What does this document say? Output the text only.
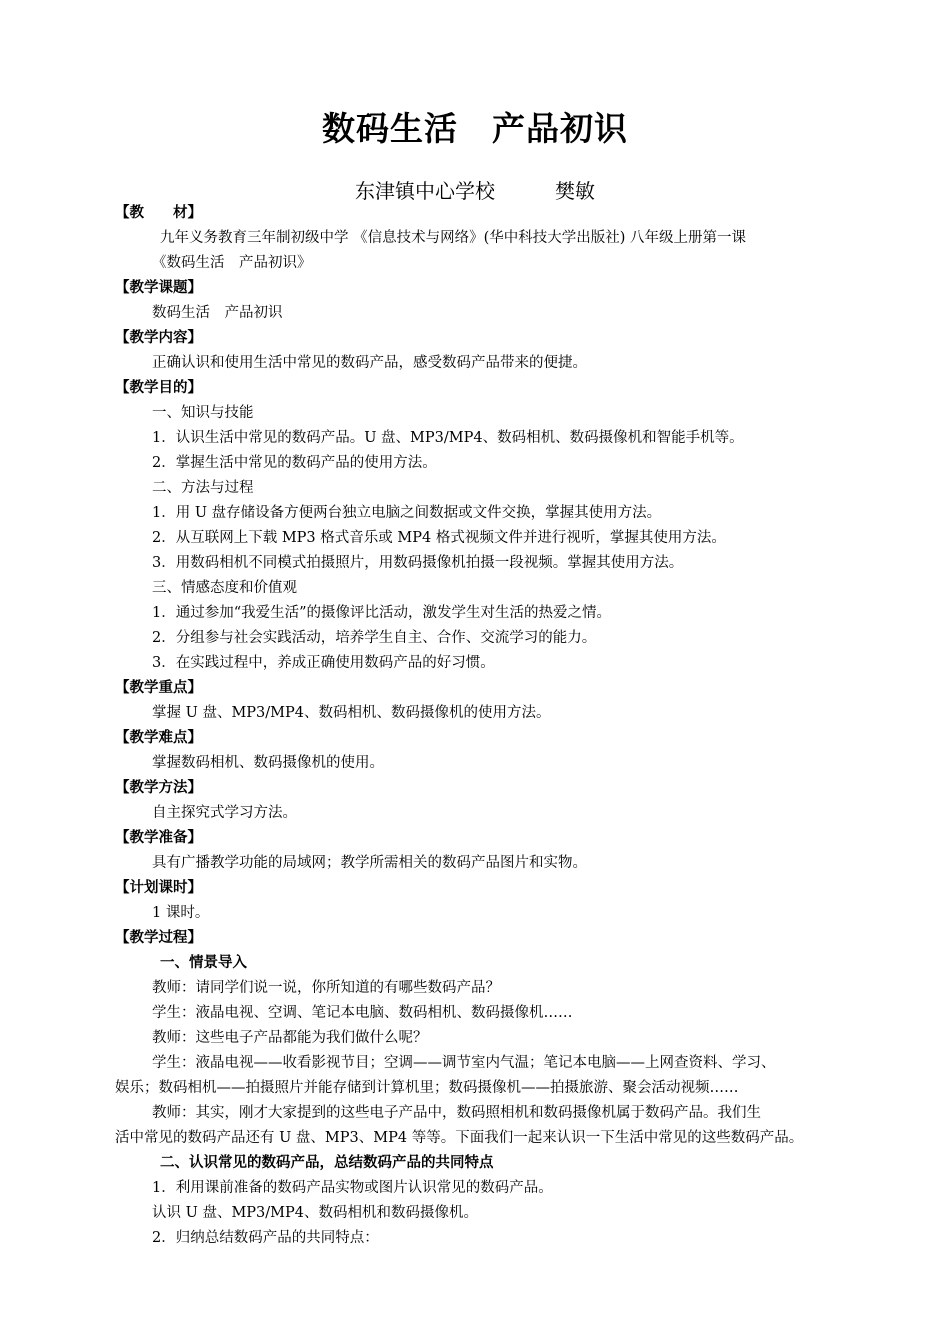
数码生活　产品初识
东津镇中心学校　　　樊敏
【教　　材】
九年义务教育三年制初级中学 《信息技术与网络》(华中科技大学出版社) 八年级上册第一课
《数码生活　产品初识》
【教学课题】
数码生活　产品初识
【教学内容】
正确认识和使用生活中常见的数码产品，感受数码产品带来的便捷。
【教学目的】
一、知识与技能
1．认识生活中常见的数码产品。U 盘、MP3/MP4、数码相机、数码摄像机和智能手机等。
2．掌握生活中常见的数码产品的使用方法。
二、方法与过程
1．用 U 盘存储设备方便两台独立电脑之间数据或文件交换，掌握其使用方法。
2．从互联网上下载 MP3 格式音乐或 MP4 格式视频文件并进行视听，掌握其使用方法。
3．用数码相机不同模式拍摄照片，用数码摄像机拍摄一段视频。掌握其使用方法。
三、情感态度和价值观
1．通过参加“我爱生活”的摄像评比活动，激发学生对生活的热爱之情。
2．分组参与社会实践活动，培养学生自主、合作、交流学习的能力。
3．在实践过程中，养成正确使用数码产品的好习惯。
【教学重点】
掌握 U 盘、MP3/MP4、数码相机、数码摄像机的使用方法。
【教学难点】
掌握数码相机、数码摄像机的使用。
【教学方法】
自主探究式学习方法。
【教学准备】
具有广播教学功能的局域网；教学所需相关的数码产品图片和实物。
【计划课时】
1 课时。
【教学过程】
一、情景导入
教师：请同学们说一说，你所知道的有哪些数码产品？
学生：液晶电视、空调、笔记本电脑、数码相机、数码摄像机……
教师：这些电子产品都能为我们做什么呢？
学生：液晶电视——收看影视节目；空调——调节室内气温；笔记本电脑——上网查资料、学习、
娱乐；数码相机——拍摄照片并能存储到计算机里；数码摄像机——拍摄旅游、聚会活动视频……
教师：其实，刚才大家提到的这些电子产品中，数码照相机和数码摄像机属于数码产品。我们生
活中常见的数码产品还有 U 盘、MP3、MP4 等等。下面我们一起来认识一下生活中常见的这些数码产品。
二、认识常见的数码产品，总结数码产品的共同特点
1．利用课前准备的数码产品实物或图片认识常见的数码产品。
认识 U 盘、MP3/MP4、数码相机和数码摄像机。
2．归纳总结数码产品的共同特点：
